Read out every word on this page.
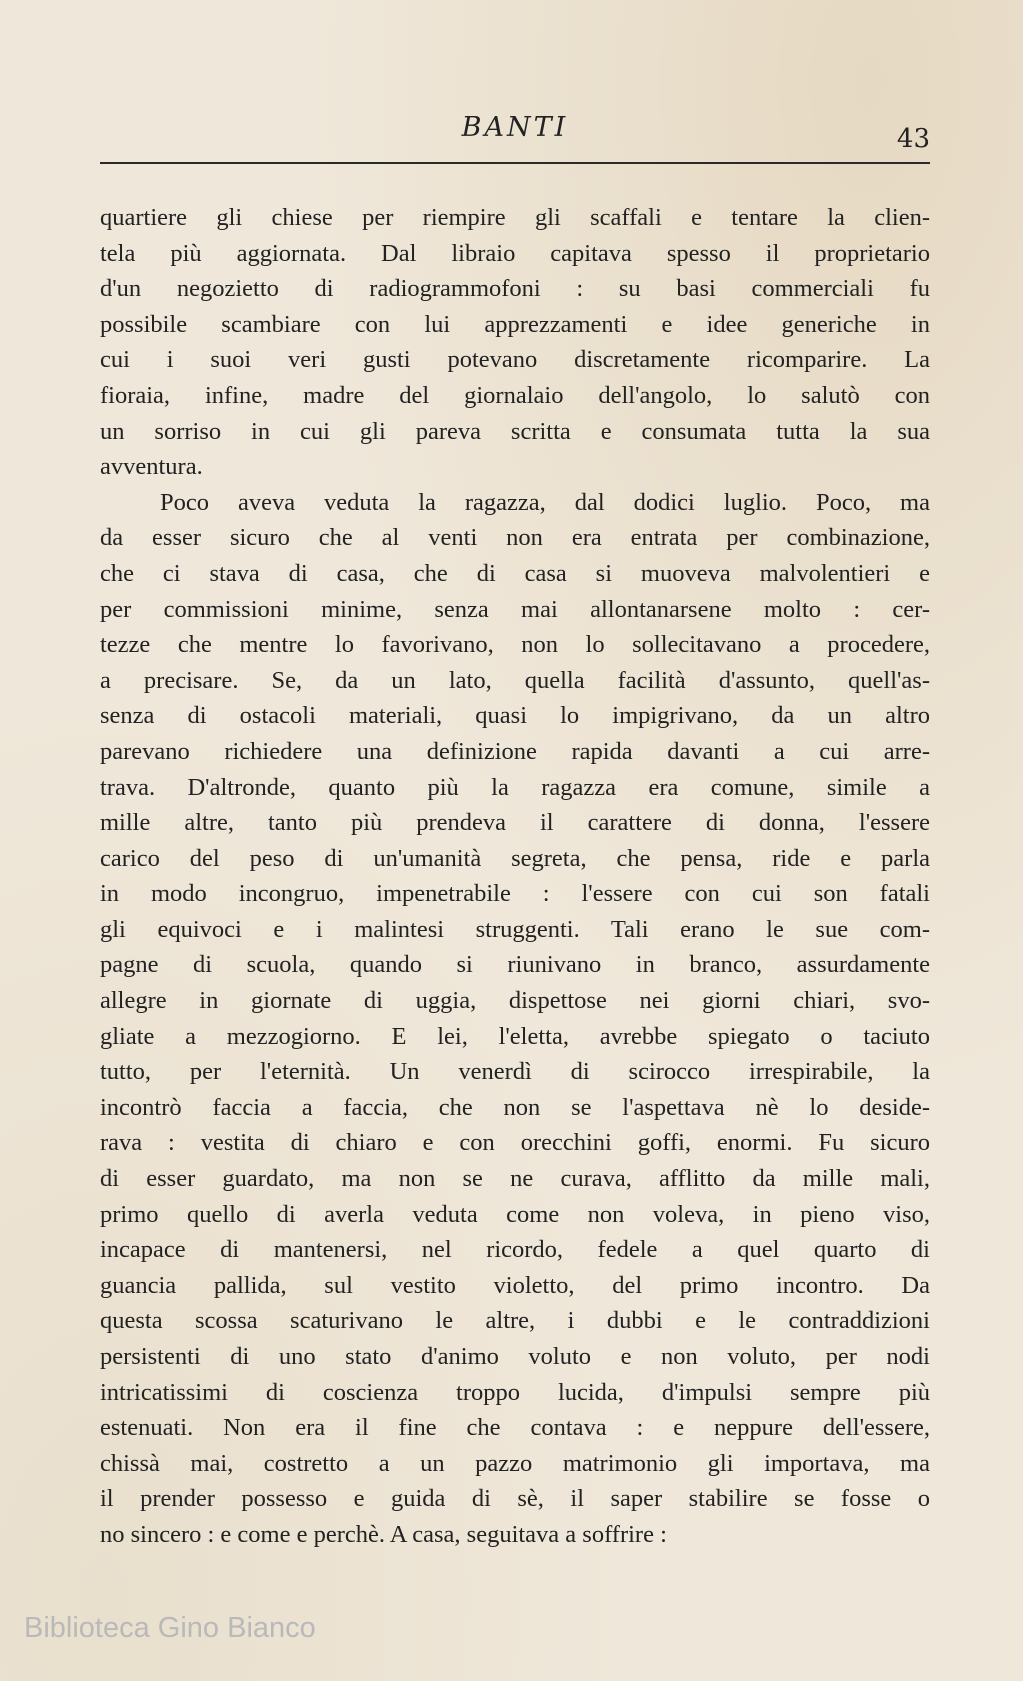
BANTI	43
quartiere gli chiese per riempire gli scaffali e tentare la clien-
tela più aggiornata. Dal libraio capitava spesso il proprietario
d'un negozietto di radiogrammofoni : su basi commerciali fu
possibile scambiare con lui apprezzamenti e idee generiche in
cui i suoi veri gusti potevano discretamente ricomparire. La
fioraia, infine, madre del giornalaio dell'angolo, lo salutò con
un sorriso in cui gli pareva scritta e consumata tutta la sua
avventura.
Poco aveva veduta la ragazza, dal dodici luglio. Poco, ma
da esser sicuro che al venti non era entrata per combinazione,
che ci stava di casa, che di casa si muoveva malvolentieri e
per commissioni minime, senza mai allontanarsene molto : cer-
tezze che mentre lo favorivano, non lo sollecitavano a procedere,
a precisare. Se, da un lato, quella facilità d'assunto, quell'as-
senza di ostacoli materiali, quasi lo impigrivano, da un altro
parevano richiedere una definizione rapida davanti a cui arre-
trava. D'altronde, quanto più la ragazza era comune, simile a
mille altre, tanto più prendeva il carattere di donna, l'essere
carico del peso di un'umanità segreta, che pensa, ride e parla
in modo incongruo, impenetrabile : l'essere con cui son fatali
gli equivoci e i malintesi struggenti. Tali erano le sue com-
pagne di scuola, quando si riunivano in branco, assurdamente
allegre in giornate di uggia, dispettose nei giorni chiari, svo-
gliate a mezzogiorno. E lei, l'eletta, avrebbe spiegato o taciuto
tutto, per l'eternità. Un venerdì di scirocco irrespirabile, la
incontrò faccia a faccia, che non se l'aspettava nè lo deside-
rava : vestita di chiaro e con orecchini goffi, enormi. Fu sicuro
di esser guardato, ma non se ne curava, afflitto da mille mali,
primo quello di averla veduta come non voleva, in pieno viso,
incapace di mantenersi, nel ricordo, fedele a quel quarto di
guancia pallida, sul vestito violetto, del primo incontro. Da
questa scossa scaturivano le altre, i dubbi e le contraddizioni
persistenti di uno stato d'animo voluto e non voluto, per nodi
intricatissimi di coscienza troppo lucida, d'impulsi sempre più
estenuati. Non era il fine che contava : e neppure dell'essere,
chissà mai, costretto a un pazzo matrimonio gli importava, ma
il prender possesso e guida di sè, il saper stabilire se fosse o
no sincero : e come e perchè. A casa, seguitava a soffrire :
Biblioteca Gino Bianco
